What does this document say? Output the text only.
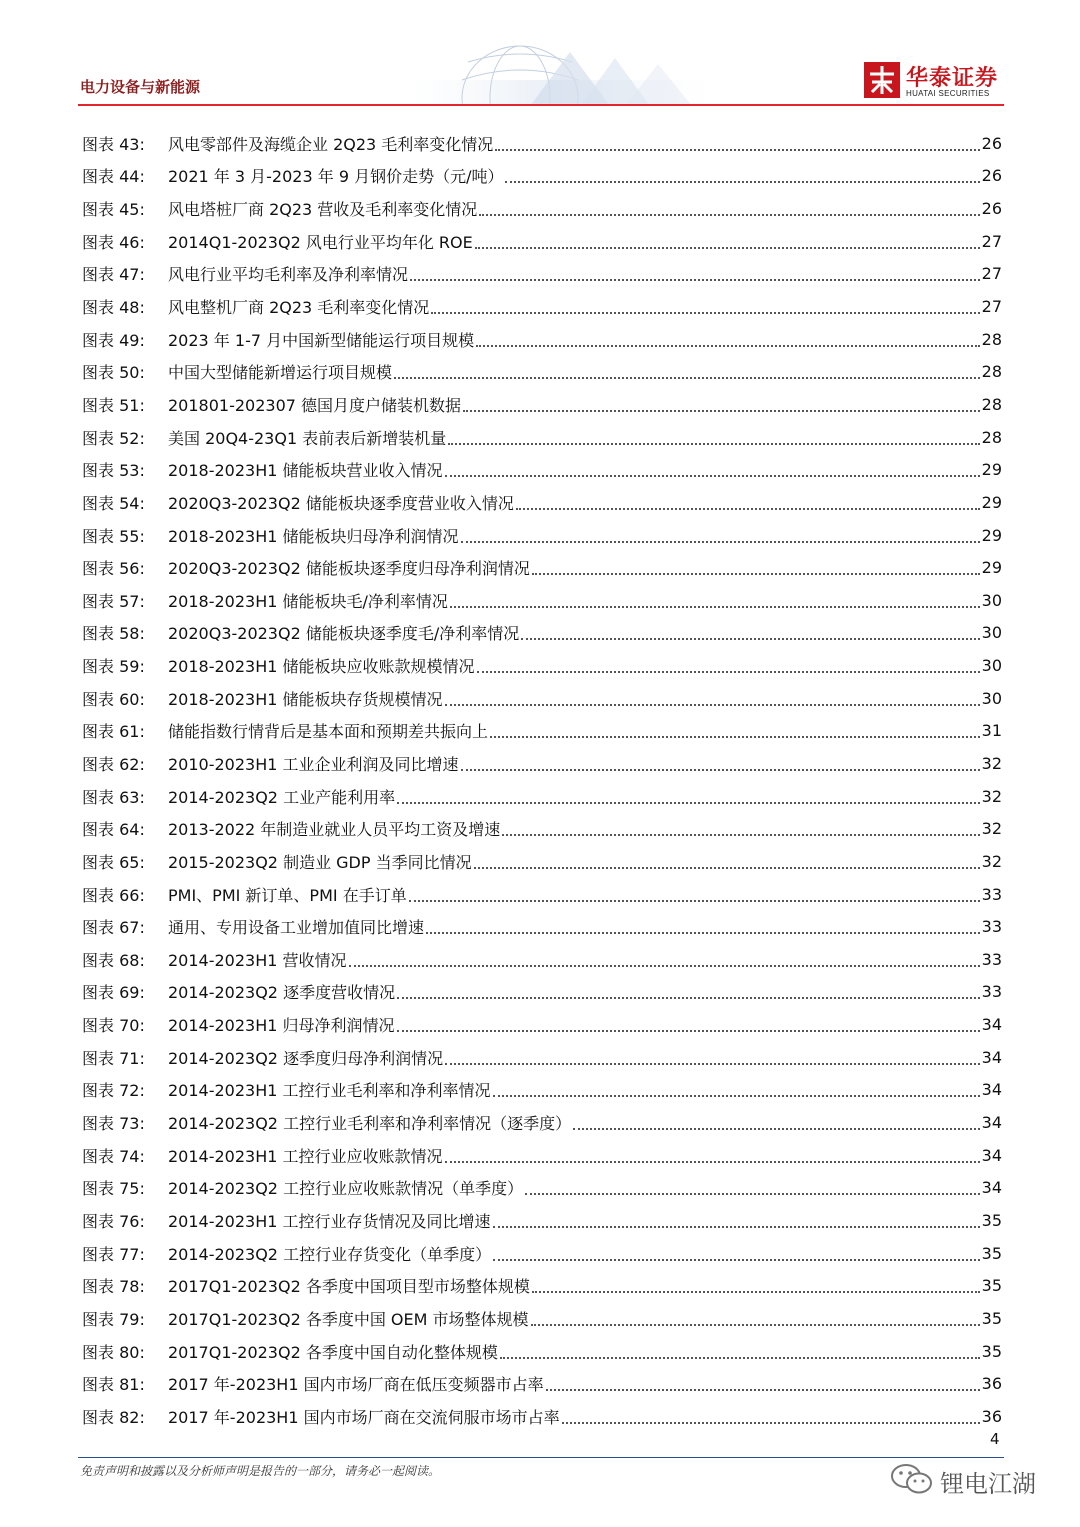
电力设备与新能源	华泰证券
HUATAI SECURITIES
图表 43:	风电零部件及海缆企业 2Q23 毛利率变化情况	26
图表 44:	2021 年 3 月-2023 年 9 月钢价走势（元/吨）	26
图表 45:	风电塔桩厂商 2Q23 营收及毛利率变化情况	26
图表 46:	2014Q1-2023Q2 风电行业平均年化 ROE	27
图表 47:	风电行业平均毛利率及净利率情况	27
图表 48:	风电整机厂商 2Q23 毛利率变化情况	27
图表 49:	2023 年 1-7 月中国新型储能运行项目规模	28
图表 50:	中国大型储能新增运行项目规模	28
图表 51:	201801-202307 德国月度户储装机数据	28
图表 52:	美国 20Q4-23Q1 表前表后新增装机量	28
图表 53:	2018-2023H1 储能板块营业收入情况	29
图表 54:	2020Q3-2023Q2 储能板块逐季度营业收入情况	29
图表 55:	2018-2023H1 储能板块归母净利润情况	29
图表 56:	2020Q3-2023Q2 储能板块逐季度归母净利润情况	29
图表 57:	2018-2023H1 储能板块毛/净利率情况	30
图表 58:	2020Q3-2023Q2 储能板块逐季度毛/净利率情况	30
图表 59:	2018-2023H1 储能板块应收账款规模情况	30
图表 60:	2018-2023H1 储能板块存货规模情况	30
图表 61:	储能指数行情背后是基本面和预期差共振向上	31
图表 62:	2010-2023H1 工业企业利润及同比增速	32
图表 63:	2014-2023Q2 工业产能利用率	32
图表 64:	2013-2022 年制造业就业人员平均工资及增速	32
图表 65:	2015-2023Q2 制造业 GDP 当季同比情况	32
图表 66:	PMI、PMI 新订单、PMI 在手订单	33
图表 67:	通用、专用设备工业增加值同比增速	33
图表 68:	2014-2023H1 营收情况	33
图表 69:	2014-2023Q2 逐季度营收情况	33
图表 70:	2014-2023H1 归母净利润情况	34
图表 71:	2014-2023Q2 逐季度归母净利润情况	34
图表 72:	2014-2023H1 工控行业毛利率和净利率情况	34
图表 73:	2014-2023Q2 工控行业毛利率和净利率情况（逐季度）	34
图表 74:	2014-2023H1 工控行业应收账款情况	34
图表 75:	2014-2023Q2 工控行业应收账款情况（单季度）	34
图表 76:	2014-2023H1 工控行业存货情况及同比增速	35
图表 77:	2014-2023Q2 工控行业存货变化（单季度）	35
图表 78:	2017Q1-2023Q2 各季度中国项目型市场整体规模	35
图表 79:	2017Q1-2023Q2 各季度中国 OEM 市场整体规模	35
图表 80:	2017Q1-2023Q2 各季度中国自动化整体规模	35
图表 81:	2017 年-2023H1 国内市场厂商在低压变频器市占率	36
图表 82:	2017 年-2023H1 国内市场厂商在交流伺服市场市占率	36
4
免责声明和披露以及分析师声明是报告的一部分，请务必一起阅读。	锂电江湖
